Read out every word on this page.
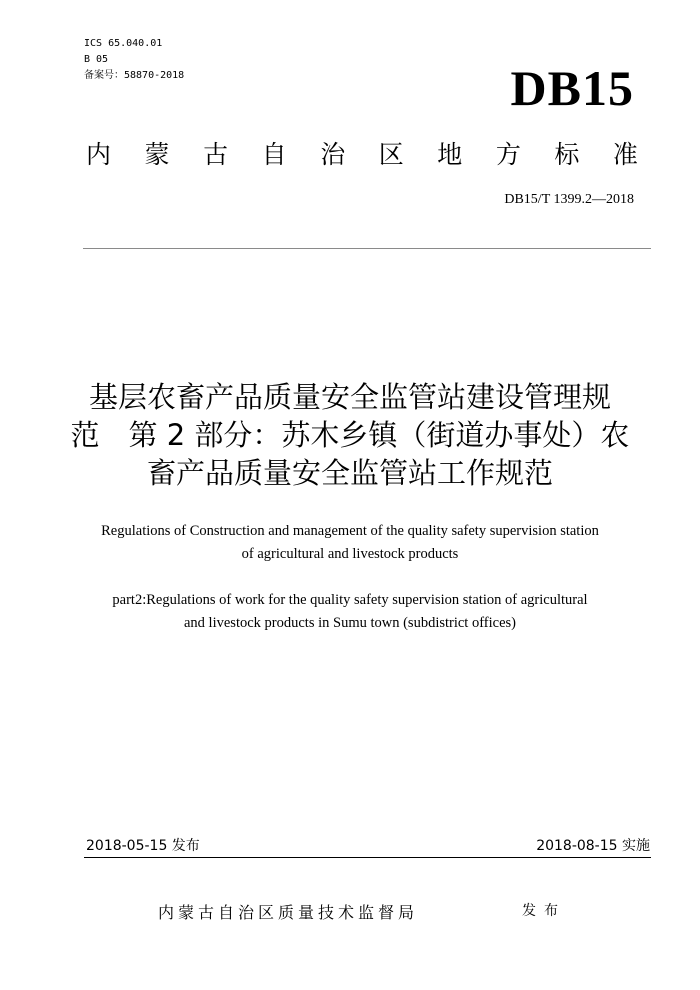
ICS 65.040.01
B 05
备案号：58870-2018	DB15
内 蒙 古 自 治 区 地 方 标 准
DB15/T 1399.2—2018
基层农畜产品质量安全监管站建设管理规
范　第 2 部分：苏木乡镇（街道办事处）农
畜产品质量安全监管站工作规范
Regulations of Construction and management of the quality safety supervision station
of agricultural and livestock products
part2:Regulations of work for the quality safety supervision station of agricultural
and livestock products in Sumu town (subdistrict offices)
2018-05-15 发布	2018-08-15 实施
内蒙古自治区质量技术监督局	发布
